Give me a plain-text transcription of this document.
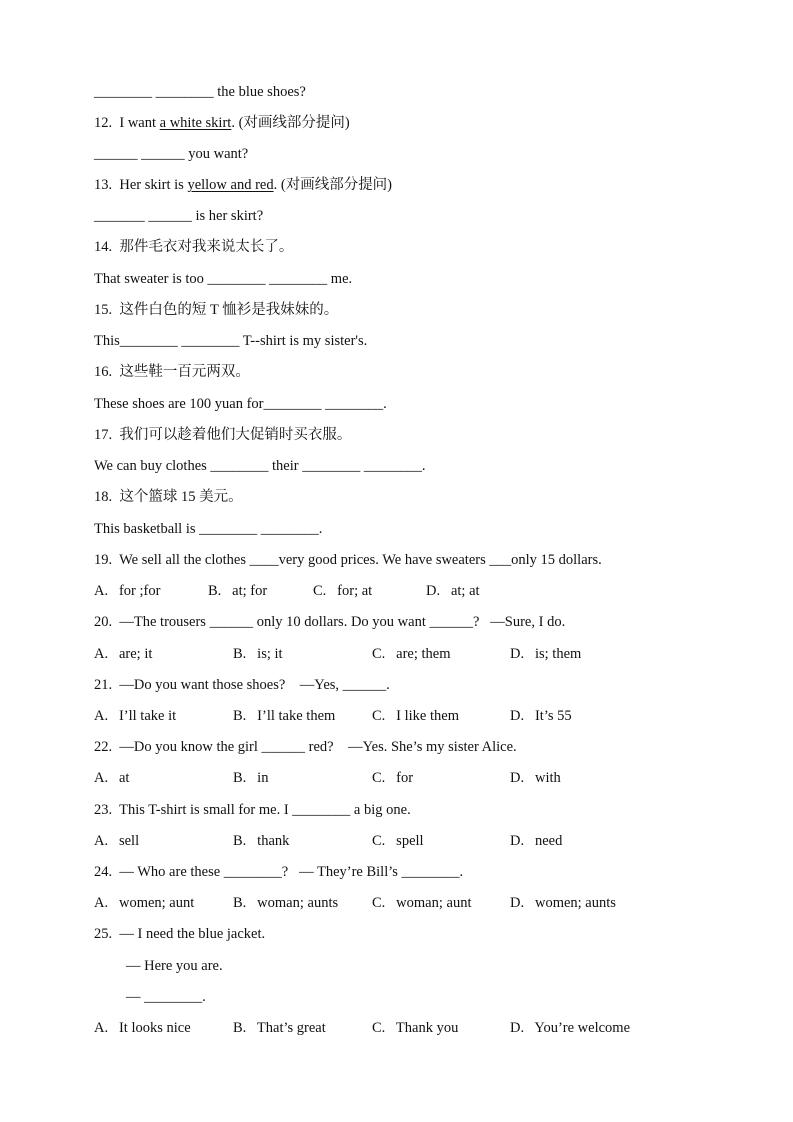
________ ________ the blue shoes?
12.  I want a white skirt. (对画线部分提问)
______ ______ you want?
13.  Her skirt is yellow and red. (对画线部分提问)
_______ ______ is her skirt?
14.  那件毛衣对我来说太长了。
That sweater is too ________ ________ me.
15.  这件白色的短 T 恤衫是我妹妹的。
This________ ________ T--shirt is my sister's.
16.  这些鞋一百元两双。
These shoes are 100 yuan for________ ________.
17.  我们可以趁着他们大促销时买衣服。
We can buy clothes ________ their ________ ________.
18.  这个篮球 15 美元。
This basketball is ________ ________.
19.  We sell all the clothes ____very good prices. We have sweaters ___only 15 dollars.
A.   for ;for	B.   at; for	C.   for; at	D.   at; at
20.  —The trousers ______ only 10 dollars. Do you want ______?   —Sure, I do.
A.   are; it	B.   is; it	C.   are; them	D.   is; them
21.  —Do you want those shoes?    —Yes, ______.
A.   I’ll take it	B.   I’ll take them	C.   I like them	D.   It’s 55
22.  —Do you know the girl ______ red?    —Yes. She’s my sister Alice.
A.   at	B.   in	C.   for	D.   with
23.  This T-shirt is small for me. I ________ a big one.
A.   sell	B.   thank	C.   spell	D.   need
24.  — Who are these ________?   — They’re Bill’s ________.
A.   women; aunt	B.   woman; aunts C.   woman; aunt	D.   women; aunts
25.  — I need the blue jacket.
— Here you are.
— ________.
A.   It looks nice	B.   That’s great	C.   Thank you	D.   You’re welcome
